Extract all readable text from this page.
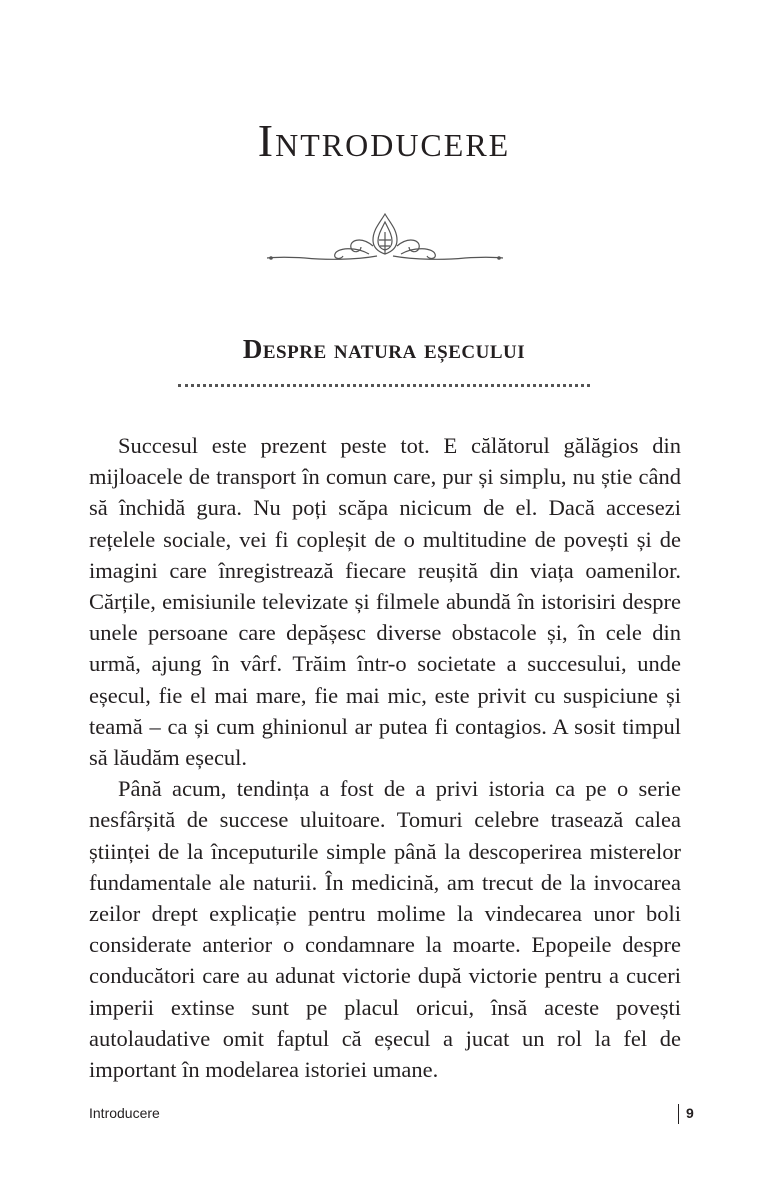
Introducere
Despre natura eșecului

Succesul este prezent peste tot. E călătorul gălăgios din mijloacele de transport în comun care, pur și simplu, nu știe când să închidă gura. Nu poți scăpa nicicum de el. Dacă accesezi rețelele sociale, vei fi copleșit de o multitudine de povești și de imagini care înregistrează fiecare reușită din viața oamenilor. Cărțile, emisiunile televizate și filmele abundă în istorisiri despre unele persoane care depășesc diverse obstacole și, în cele din urmă, ajung în vârf. Trăim într-o societate a succesului, unde eșecul, fie el mai mare, fie mai mic, este privit cu suspiciune și teamă – ca și cum ghinionul ar putea fi contagios. A sosit timpul să lăudăm eșecul.

Până acum, tendința a fost de a privi istoria ca pe o serie nesfârșită de succese uluitoare. Tomuri celebre trasează calea științei de la începuturile simple până la descoperirea misterelor fundamentale ale naturii. În medicină, am trecut de la invocarea zeilor drept explicație pentru molime la vindecarea unor boli considerate anterior o condamnare la moarte. Epopeile despre conducători care au adunat victorie după victorie pentru a cuceri imperii extinse sunt pe placul oricui, însă aceste povești autolaudative omit faptul că eșecul a jucat un rol la fel de important în modelarea istoriei umane.

Introducere	9
